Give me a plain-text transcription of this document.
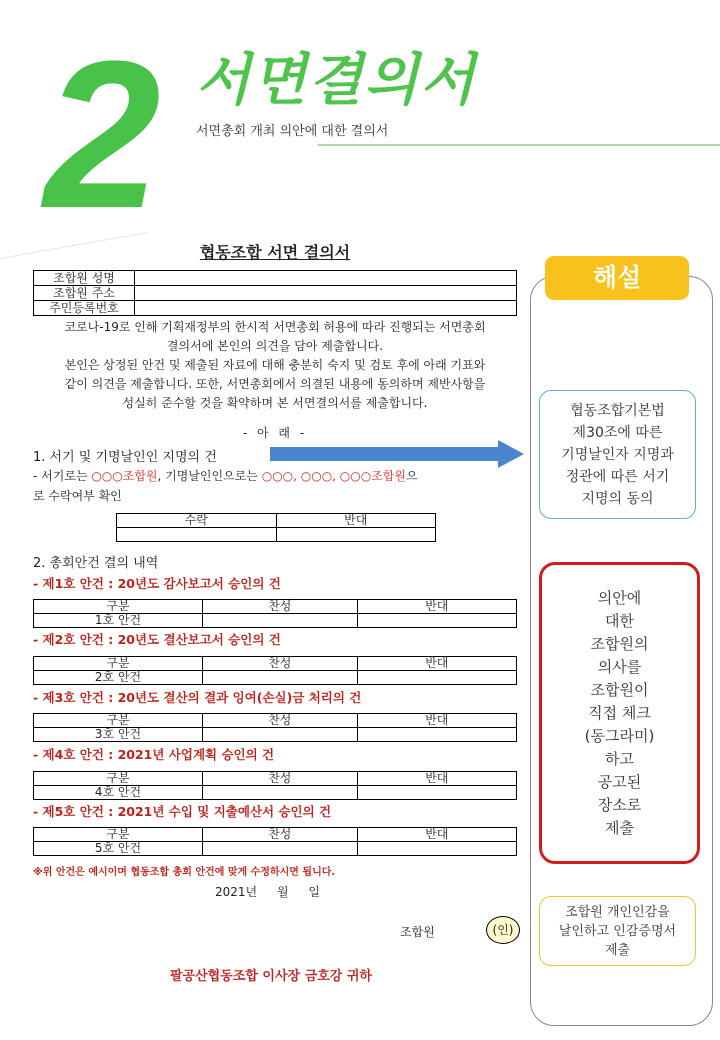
2 서면결의서
서면총회 개최 의안에 대한 결의서
협동조합 서면 결의서
조합원 성명	
조합원 주소	
주민등록번호	
코로나-19로 인해 기획재정부의 한시적 서면총회 허용에 따라 진행되는 서면총회
결의서에 본인의 의견을 담아 제출합니다.
본인은 상정된 안건 및 제출된 자료에 대해 충분히 숙지 및 검토 후에 아래 기표와
같이 의견을 제출합니다. 또한, 서면총회에서 의결된 내용에 동의하며 제반사항을
성실히 준수할 것을 확약하며 본 서면결의서를 제출합니다.
- 아 래 -
1. 서기 및 기명날인인 지명의 건
- 서기로는 ○○○조합원, 기명날인인으로는 ○○○, ○○○, ○○○조합원으
로 수락여부 확인
수락	반대

2. 총회안건 결의 내역
- 제1호 안건 : 20년도 감사보고서 승인의 건
구분	찬성	반대
1호 안건		
- 제2호 안건 : 20년도 결산보고서 승인의 건
구분	찬성	반대
2호 안건		
- 제3호 안건 : 20년도 결산의 결과 잉여(손실)금 처리의 건
구분	찬성	반대
3호 안건		
- 제4호 안건 : 2021년 사업계획 승인의 건
구분	찬성	반대
4호 안건		
- 제5호 안건 : 2021년 수입 및 지출예산서 승인의 건
구분	찬성	반대
5호 안건		
※위 안건은 예시이며 협동조합 총회 안건에 맞게 수정하시면 됩니다.
2021년 월 일
조합원	(인)
팔공산협동조합 이사장 금호강 귀하
해설
협동조합기본법
제30조에 따른
기명날인자 지명과
정관에 따른 서기
지명의 동의
의안에
대한
조합원의
의사를
조합원이
직접 체크
(동그라미)
하고
공고된
장소로
제출
조합원 개인인감을
날인하고 인감증명서
제출
